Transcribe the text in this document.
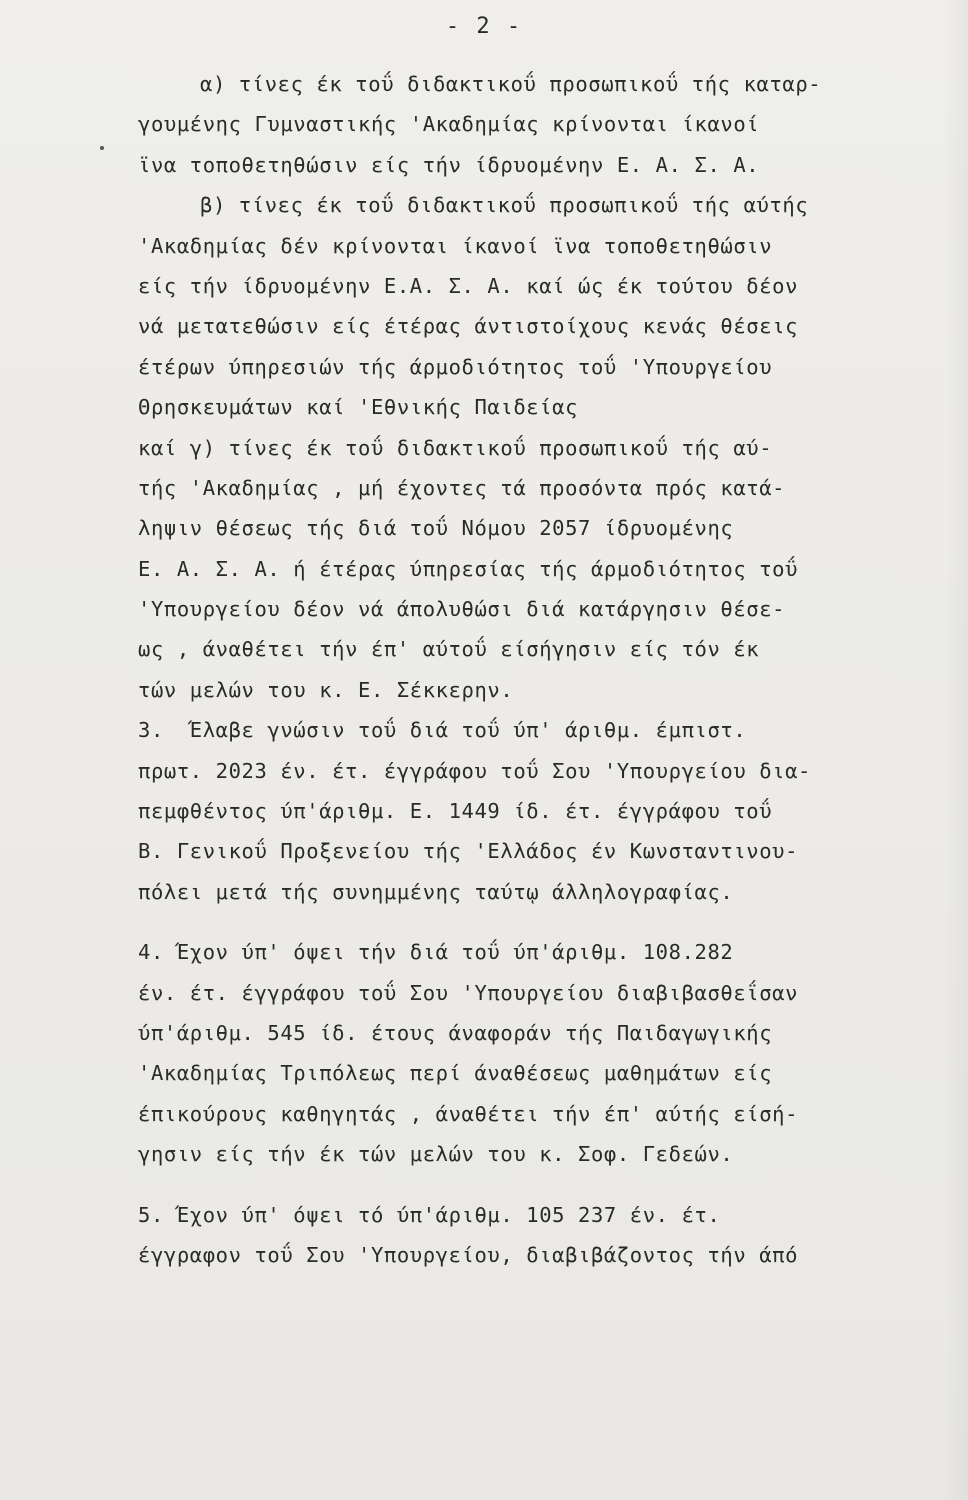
- 2 -
α) τίνες έκ τοΰ διδακτικοΰ προσωπικοΰ τής καταρ-
γουμένης Γυμναστικής 'Ακαδημίας κρίνονται ίκανοί
ϊνα τοποθετηθώσιν είς τήν ίδρυομένην Ε. Α. Σ. Α.
β) τίνες έκ τοΰ διδακτικοΰ προσωπικοΰ τής αύτής
'Ακαδημίας δέν κρίνονται ίκανοί ϊνα τοποθετηθώσιν
είς τήν ίδρυομένην Ε.Α. Σ. Α. καί ώς έκ τούτου δέον
νά μετατεθώσιν είς έτέρας άντιστοίχους κενάς θέσεις
έτέρων ύπηρεσιών τής άρμοδιότητος τοΰ 'Υπουργείου
Θρησκευμάτων καί 'Εθνικής Παιδείας
καί γ) τίνες έκ τοΰ διδακτικοΰ προσωπικοΰ τής αύ-
τής 'Ακαδημίας , μή έχοντες τά προσόντα πρός κατά-
ληψιν θέσεως τής διά τοΰ Νόμου 2057 ίδρυομένης
Ε. Α. Σ. Α. ή έτέρας ύπηρεσίας τής άρμοδιότητος τοΰ
'Υπουργείου δέον νά άπολυθώσι διά κατάργησιν θέσε-
ως , άναθέτει τήν έπ' αύτοΰ είσήγησιν είς τόν έκ
τών μελών του κ. Ε. Σέκκερην.
3.  Έλαβε γνώσιν τοΰ διά τοΰ ύπ' άριθμ. έμπιστ.
πρωτ. 2023 έν. έτ. έγγράφου τοΰ Σου 'Υπουργείου δια-
πεμφθέντος ύπ'άριθμ. Ε. 1449 ίδ. έτ. έγγράφου τοΰ
Β. Γενικοΰ Προξενείου τής 'Ελλάδος έν Κωνσταντινου-
πόλει μετά τής συνημμένης ταύτῳ άλληλογραφίας.
4. Έχον ύπ' όψει τήν διά τοΰ ύπ'άριθμ. 108.282
έν. έτ. έγγράφου τοΰ Σου 'Υπουργείου διαβιβασθεΐσαν
ύπ'άριθμ. 545 ίδ. έτους άναφοράν τής Παιδαγωγικής
'Ακαδημίας Τριπόλεως περί άναθέσεως μαθημάτων είς
έπικούρους καθηγητάς , άναθέτει τήν έπ' αύτής είσή-
γησιν είς τήν έκ τών μελών του κ. Σοφ. Γεδεών.
5. Έχον ύπ' όψει τό ύπ'άριθμ. 105 237 έν. έτ.
έγγραφον τοΰ Σου 'Υπουργείου, διαβιβάζοντος τήν άπό
